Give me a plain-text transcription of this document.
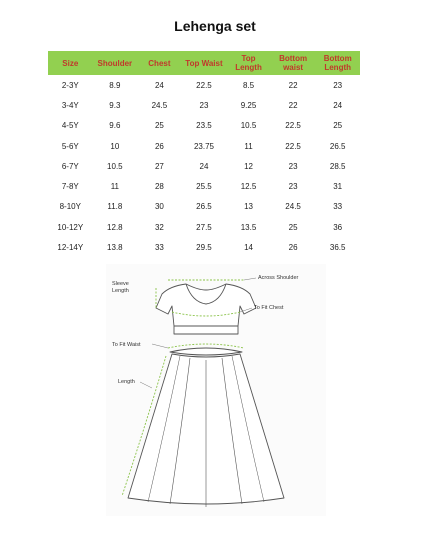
Lehenga set
Size	Shoulder	Chest	Top Waist	Top Length	Bottom waist	Bottom Length
2-3Y	8.9	24	22.5	8.5	22	23
3-4Y	9.3	24.5	23	9.25	22	24
4-5Y	9.6	25	23.5	10.5	22.5	25
5-6Y	10	26	23.75	11	22.5	26.5
6-7Y	10.5	27	24	12	23	28.5
7-8Y	11	28	25.5	12.5	23	31
8-10Y	11.8	30	26.5	13	24.5	33
10-12Y	12.8	32	27.5	13.5	25	36
12-14Y	13.8	33	29.5	14	26	36.5
Sleeve
Length
Across Shoulder
To Fit Chest
To Fit Waist
Length
